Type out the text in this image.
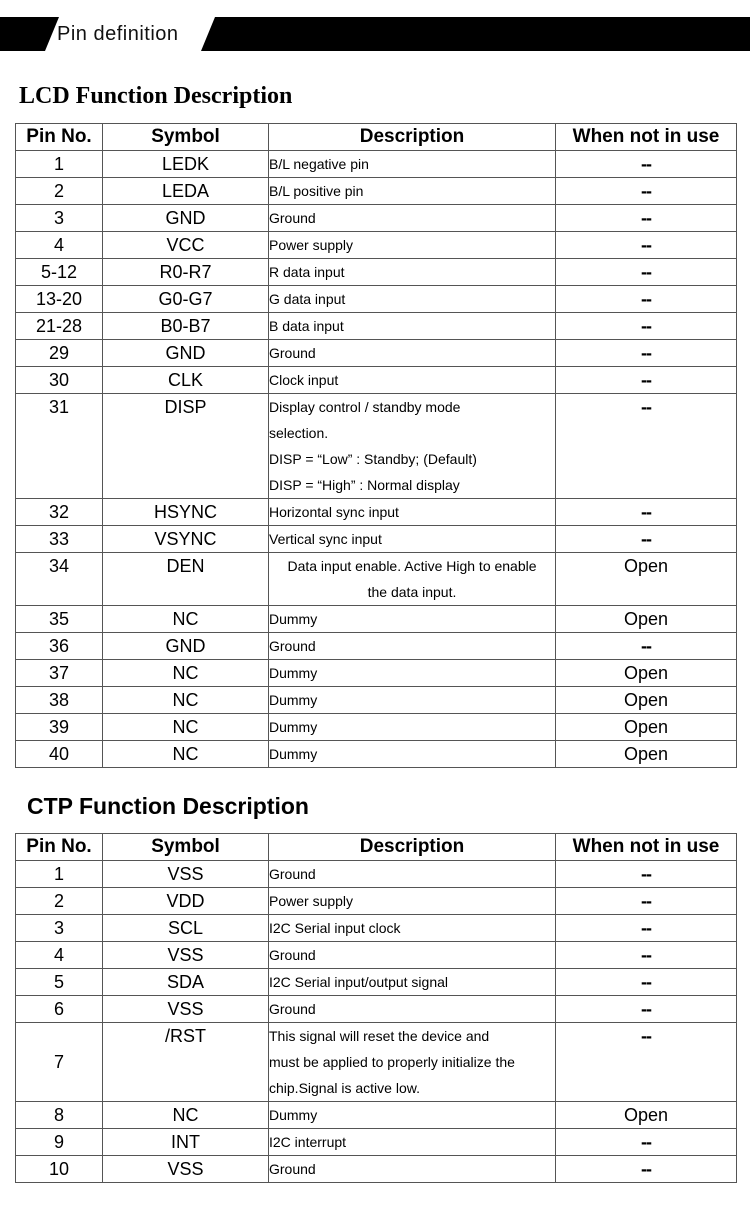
Pin definition
LCD Function Description
Pin No.	Symbol	Description	When not in use
1	LEDK	B/L negative pin	--
2	LEDA	B/L positive pin	--
3	GND	Ground	--
4	VCC	Power supply	--
5-12	R0-R7	R data input	--
13-20	G0-G7	G data input	--
21-28	B0-B7	B data input	--
29	GND	Ground	--
30	CLK	Clock input	--
31	DISP	Display control / standby mode
selection.
DISP = “Low” : Standby; (Default)
DISP = “High” : Normal display	--
32	HSYNC	Horizontal sync input	--
33	VSYNC	Vertical sync input	--
34	DEN	Data input enable. Active High to enable
the data input.	Open
35	NC	Dummy	Open
36	GND	Ground	--
37	NC	Dummy	Open
38	NC	Dummy	Open
39	NC	Dummy	Open
40	NC	Dummy	Open
CTP Function Description
Pin No.	Symbol	Description	When not in use
1	VSS	Ground	--
2	VDD	Power supply	--
3	SCL	I2C Serial input clock	--
4	VSS	Ground	--
5	SDA	I2C Serial input/output signal	--
6	VSS	Ground	--
7	/RST	This signal will reset the device and
must be applied to properly initialize the
chip.Signal is active low.	--
8	NC	Dummy	Open
9	INT	I2C interrupt	--
10	VSS	Ground	--
